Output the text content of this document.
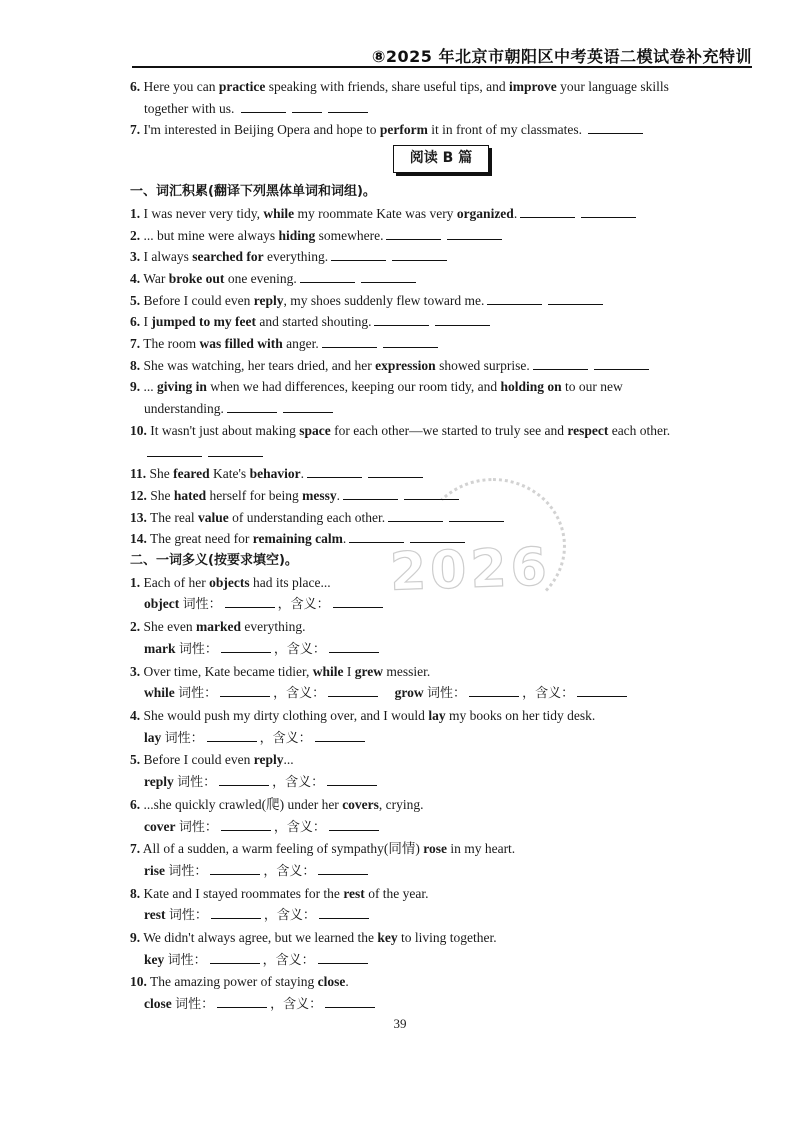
⑧2025 年北京市朝阳区中考英语二模试卷补充特训
2026
6. Here you can practice speaking with friends, share useful tips, and improve your language skills
together with us.
7. I'm interested in Beijing Opera and hope to perform it in front of my classmates.
阅读 B 篇
一、词汇积累(翻译下列黑体单词和词组)。
1. I was never very tidy, while my roommate Kate was very organized.
2. ... but mine were always hiding somewhere.
3. I always searched for everything.
4. War broke out one evening.
5. Before I could even reply, my shoes suddenly flew toward me.
6. I jumped to my feet and started shouting.
7. The room was filled with anger.
8. She was watching, her tears dried, and her expression showed surprise.
9. ... giving in when we had differences, keeping our room tidy, and holding on to our new
understanding.
10. It wasn't just about making space for each other—we started to truly see and respect each other.
11. She feared Kate's behavior.
12. She hated herself for being messy.
13. The real value of understanding each other.
14. The great need for remaining calm.
二、一词多义(按要求填空)。
1. Each of her objects had its place...
object 词性：	，含义：
2. She even marked everything.
mark 词性：	，含义：
3. Over time, Kate became tidier, while I grew messier.
while 词性：	，含义：	grow 词性：	，含义：
4. She would push my dirty clothing over, and I would lay my books on her tidy desk.
lay 词性：	，含义：
5. Before I could even reply...
reply 词性：	，含义：
6. ...she quickly crawled(爬) under her covers, crying.
cover 词性：	，含义：
7. All of a sudden, a warm feeling of sympathy(同情) rose in my heart.
rise 词性：	，含义：
8. Kate and I stayed roommates for the rest of the year.
rest 词性：	，含义：
9. We didn't always agree, but we learned the key to living together.
key 词性：	，含义：
10. The amazing power of staying close.
close 词性：	，含义：
39
